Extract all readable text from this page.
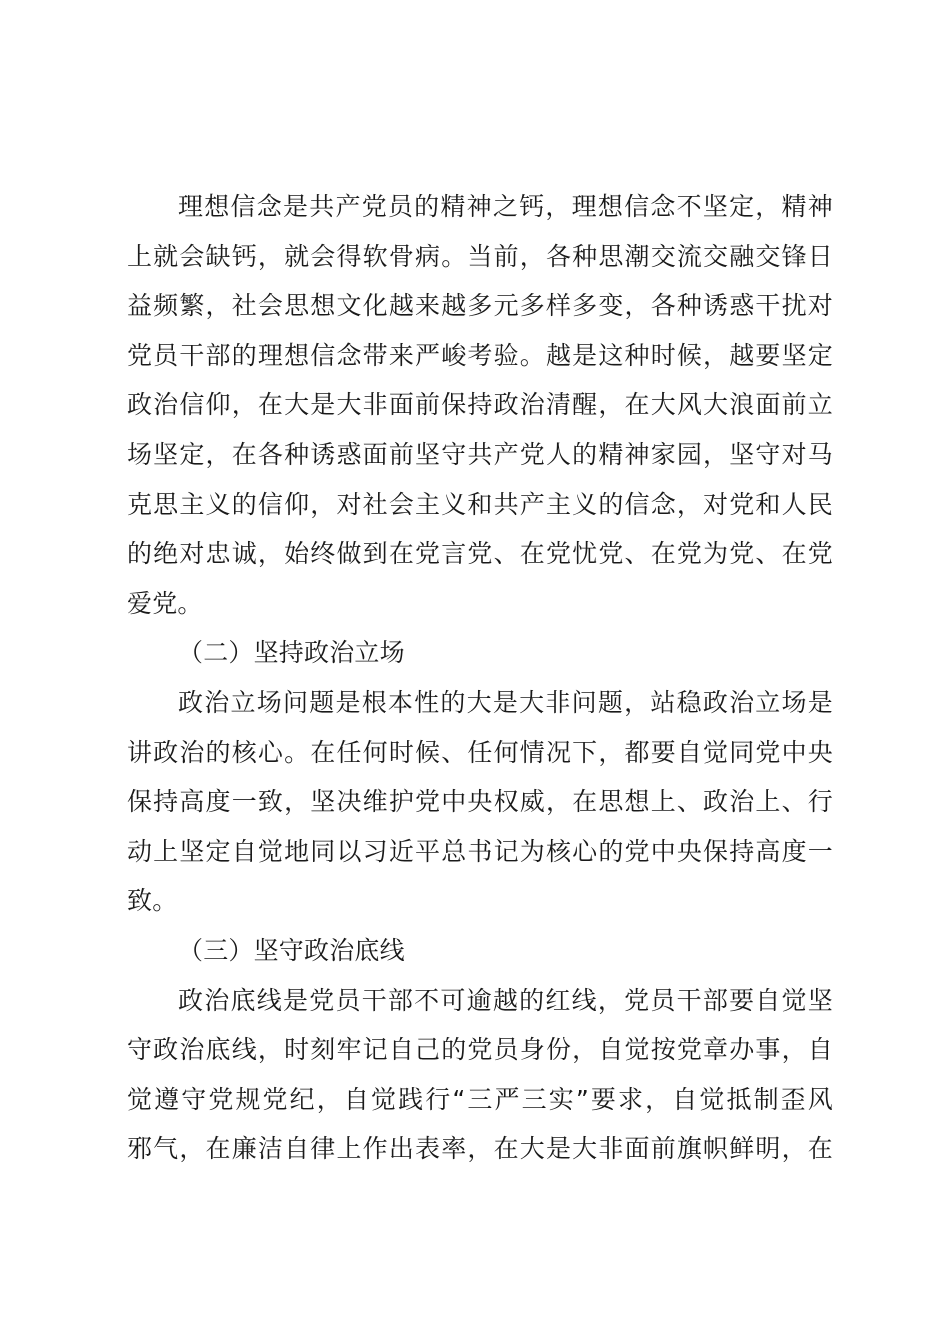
理想信念是共产党员的精神之钙，理想信念不坚定，精神
上就会缺钙，就会得软骨病。当前，各种思潮交流交融交锋日
益频繁，社会思想文化越来越多元多样多变，各种诱惑干扰对
党员干部的理想信念带来严峻考验。越是这种时候，越要坚定
政治信仰，在大是大非面前保持政治清醒，在大风大浪面前立
场坚定，在各种诱惑面前坚守共产党人的精神家园，坚守对马
克思主义的信仰，对社会主义和共产主义的信念，对党和人民
的绝对忠诚，始终做到在党言党、在党忧党、在党为党、在党
爱党。
（二）坚持政治立场
政治立场问题是根本性的大是大非问题，站稳政治立场是
讲政治的核心。在任何时候、任何情况下，都要自觉同党中央
保持高度一致，坚决维护党中央权威，在思想上、政治上、行
动上坚定自觉地同以习近平总书记为核心的党中央保持高度一
致。
（三）坚守政治底线
政治底线是党员干部不可逾越的红线，党员干部要自觉坚
守政治底线，时刻牢记自己的党员身份，自觉按党章办事，自
觉遵守党规党纪，自觉践行“三严三实”要求，自觉抵制歪风
邪气，在廉洁自律上作出表率，在大是大非面前旗帜鲜明，在
